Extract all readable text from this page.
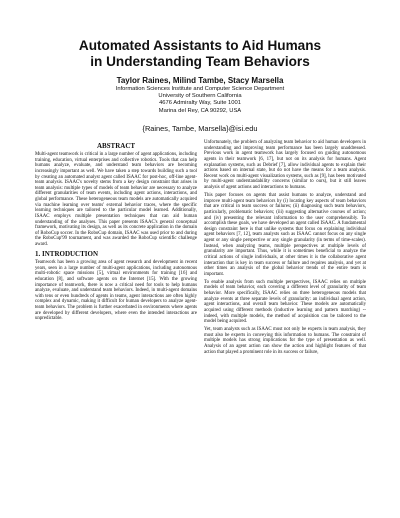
Automated Assistants to Aid Humans
in Understanding Team Behaviors
Taylor Raines, Milind Tambe, Stacy Marsella
Information Sciences Institute and Computer Science Department
University of Southern California
4676 Admiralty Way, Suite 1001
Marina del Rey, CA 90292, USA
{Raines, Tambe, Marsella}@isi.edu
ABSTRACT

Multi-agent teamwork is critical in a large number of agent applications, including training, education, virtual enterprises and collective robotics. Tools that can help humans analyze, evaluate, and understand team behaviors are becoming increasingly important as well. We have taken a step towards building such a tool by creating an automated analyst agent called ISAAC for post-hoc, off-line agent-team analysis. ISAAC's novelty stems from a key design constraint that arises in team analysis: multiple types of models of team behavior are necessary to analyze different granularities of team events, including agent actions, interactions, and global performance. These heterogeneous team models are automatically acquired via machine learning over teams' external behavior traces, where the specific learning techniques are tailored to the particular model learned. Additionally, ISAAC employs multiple presentation techniques that can aid human understanding of the analyses. This paper presents ISAAC's general conceptual framework, motivating its design, as well as its concrete application in the domain of RoboCup soccer. In the RoboCup domain, ISAAC was used prior to and during the RoboCup'99 tournament, and was awarded the RoboCup scientific challenge award.

1. INTRODUCTION

Teamwork has been a growing area of agent research and development in recent years, seen in a large number of multi-agent applications, including autonomous multi-robotic space missions [5], virtual environments for training [16] and education [8], and software agents on the Internet [15]. With the growing importance of teamwork, there is now a critical need for tools to help humans analyze, evaluate, and understand team behaviors. Indeed, in multi-agent domains with tens or even hundreds of agents in teams, agent interactions are often highly complex and dynamic, making it difficult for human developers to analyze agent-team behaviors. The problem is further exacerbated in environments where agents are developed by different developers, where even the intended interactions are unpredictable.

Unfortunately, the problem of analyzing team behavior to aid human developers in understanding and improving team performance has been largely unaddressed. Previous work in agent teamwork has largely focused on guiding autonomous agents in their teamwork [6, 17], but not on its analysis for humans. Agent explanation systems, such as Debrief [7], allow individual agents to explain their actions based on internal state, but do not have the means for a team analysis. Recent work on multi-agent visualization systems, such as [9], has been motivated by multi-agent understandability concerns (similar to ours), but it still leaves analysis of agent actions and interactions to humans.

This paper focuses on agents that assist humans to analyze, understand and improve multi-agent team behaviors by (i) locating key aspects of team behaviors that are critical in team success or failures; (ii) diagnosing such team behaviors, particularly, problematic behaviors; (iii) suggesting alternative courses of action; and (iv) presenting the relevant information to the user comprehensibly. To accomplish these goals, we have developed an agent called ISAAC. A fundamental design constraint here is that unlike systems that focus on explaining individual agent behaviors [7, 12], team analysts such as ISAAC cannot focus on any single agent or any single perspective or any single granularity (in terms of time-scales). Instead, when analyzing teams, multiple perspectives at multiple levels of granularity are important. Thus, while it is sometimes beneficial to analyze the critical actions of single individuals, at other times it is the collaborative agent interaction that is key in team success or failure and requires analysis, and yet at other times an analysis of the global behavior trends of the entire team is important.

To enable analysis from such multiple perspectives, ISAAC relies on multiple models of team behavior, each covering a different level of granularity of team behavior. More specifically, ISAAC relies on three heterogeneous models that analyze events at three separate levels of granularity: an individual agent action, agent interactions, and overall team behavior. These models are automatically acquired using different methods (inductive learning and pattern matching) -- indeed, with multiple models, the method of acquisition can be tailored to the model being acquired.

Yet, team analysts such as ISAAC must not only be experts in team analysis, they must also be experts in conveying this information to humans. The constraint of multiple models has strong implications for the type of presentation as well. Analysis of an agent action can show the action and highlight features of that action that played a prominent role in its success or failure,
